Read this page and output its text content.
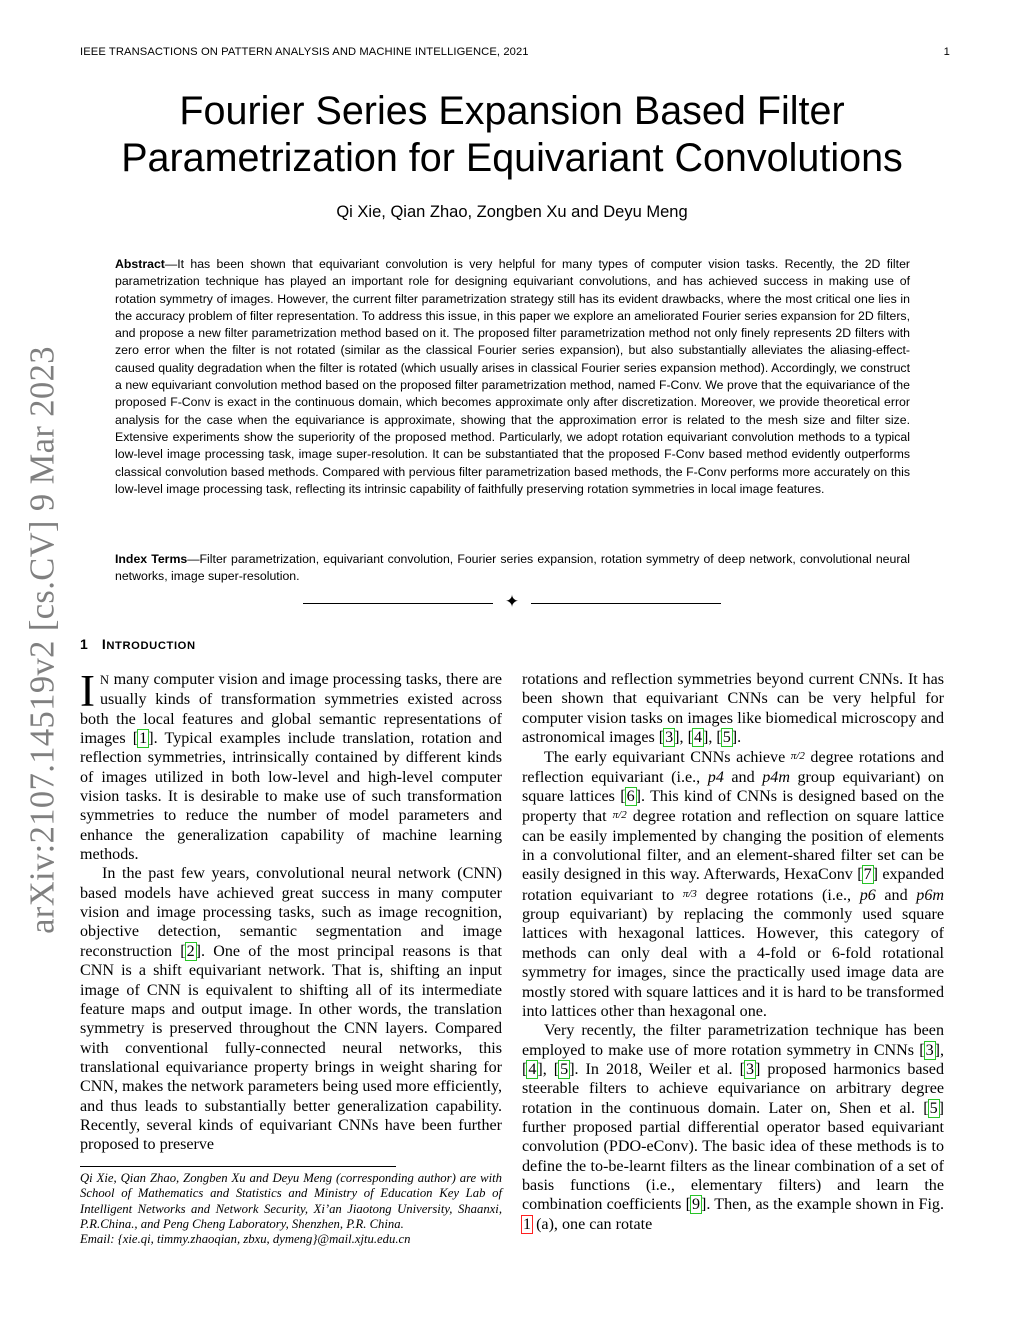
IEEE TRANSACTIONS ON PATTERN ANALYSIS AND MACHINE INTELLIGENCE, 2021	1
arXiv:2107.14519v2 [cs.CV] 9 Mar 2023
Fourier Series Expansion Based Filter Parametrization for Equivariant Convolutions
Qi Xie, Qian Zhao, Zongben Xu and Deyu Meng

Abstract—It has been shown that equivariant convolution is very helpful for many types of computer vision tasks. Recently, the 2D filter parametrization technique has played an important role for designing equivariant convolutions, and has achieved success in making use of rotation symmetry of images. However, the current filter parametrization strategy still has its evident drawbacks, where the most critical one lies in the accuracy problem of filter representation. To address this issue, in this paper we explore an ameliorated Fourier series expansion for 2D filters, and propose a new filter parametrization method based on it. The proposed filter parametrization method not only finely represents 2D filters with zero error when the filter is not rotated (similar as the classical Fourier series expansion), but also substantially alleviates the aliasing-effect-caused quality degradation when the filter is rotated (which usually arises in classical Fourier series expansion method). Accordingly, we construct a new equivariant convolution method based on the proposed filter parametrization method, named F-Conv. We prove that the equivariance of the proposed F-Conv is exact in the continuous domain, which becomes approximate only after discretization. Moreover, we provide theoretical error analysis for the case when the equivariance is approximate, showing that the approximation error is related to the mesh size and filter size. Extensive experiments show the superiority of the proposed method. Particularly, we adopt rotation equivariant convolution methods to a typical low-level image processing task, image super-resolution. It can be substantiated that the proposed F-Conv based method evidently outperforms classical convolution based methods. Compared with pervious filter parametrization based methods, the F-Conv performs more accurately on this low-level image processing task, reflecting its intrinsic capability of faithfully preserving rotation symmetries in local image features.

Index Terms—Filter parametrization, equivariant convolution, Fourier series expansion, rotation symmetry of deep network, convolutional neural networks, image super-resolution.

✦
1 INTRODUCTION

I N many computer vision and image processing tasks, there are usually kinds of transformation symmetries existed across both the local features and global semantic representations of images [1]. Typical examples include translation, rotation and reflection symmetries, intrinsically contained by different kinds of images utilized in both low-level and high-level computer vision tasks. It is desirable to make use of such transformation symmetries to reduce the number of model parameters and enhance the generalization capability of machine learning methods.

In the past few years, convolutional neural network (CNN) based models have achieved great success in many computer vision and image processing tasks, such as image recognition, objective detection, semantic segmentation and image reconstruction [2]. One of the most principal reasons is that CNN is a shift equivariant network. That is, shifting an input image of CNN is equivalent to shifting all of its intermediate feature maps and output image. In other words, the translation symmetry is preserved throughout the CNN layers. Compared with conventional fully-connected neural networks, this translational equivariance property brings in weight sharing for CNN, makes the network parameters being used more efficiently, and thus leads to substantially better generalization capability. Recently, several kinds of equivariant CNNs have been further proposed to preserve

rotations and reflection symmetries beyond current CNNs. It has been shown that equivariant CNNs can be very helpful for computer vision tasks on images like biomedical microscopy and astronomical images [3], [4], [5].

The early equivariant CNNs achieve π/2 degree rotations and reflection equivariant (i.e., p4 and p4m group equivariant) on square lattices [6]. This kind of CNNs is designed based on the property that π/2 degree rotation and reflection on square lattice can be easily implemented by changing the position of elements in a convolutional filter, and an element-shared filter set can be easily designed in this way. Afterwards, HexaConv [7] expanded rotation equivariant to π/3 degree rotations (i.e., p6 and p6m group equivariant) by replacing the commonly used square lattices with hexagonal lattices. However, this category of methods can only deal with a 4-fold or 6-fold rotational symmetry for images, since the practically used image data are mostly stored with square lattices and it is hard to be transformed into lattices other than hexagonal one.

Very recently, the filter parametrization technique has been employed to make use of more rotation symmetry in CNNs [3], [4], [5]. In 2018, Weiler et al. [3] proposed harmonics based steerable filters to achieve equivariance on arbitrary degree rotation in the continuous domain. Later on, Shen et al. [5] further proposed partial differential operator based equivariant convolution (PDO-eConv). The basic idea of these methods is to define the to-be-learnt filters as the linear combination of a set of basis functions (i.e., elementary filters) and learn the combination coefficients [9]. Then, as the example shown in Fig. 1 (a), one can rotate

Qi Xie, Qian Zhao, Zongben Xu and Deyu Meng (corresponding author) are with School of Mathematics and Statistics and Ministry of Education Key Lab of Intelligent Networks and Network Security, Xi’an Jiaotong University, Shaanxi, P.R.China., and Peng Cheng Laboratory, Shenzhen, P.R. China.
Email: {xie.qi, timmy.zhaoqian, zbxu, dymeng}@mail.xjtu.edu.cn
